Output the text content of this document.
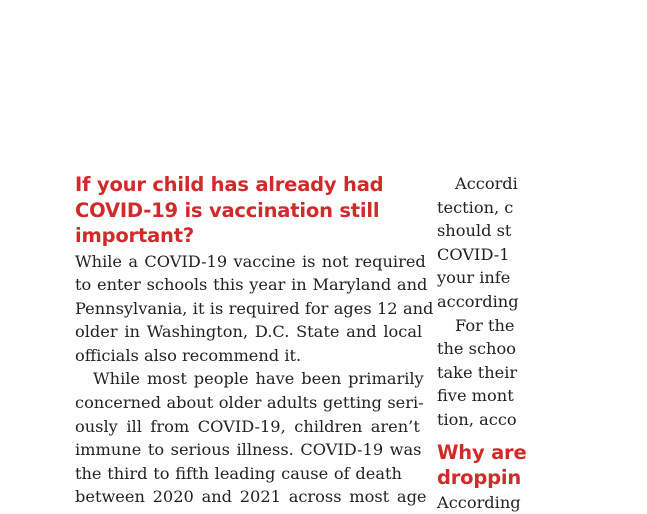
If your child has already had
COVID-19 is vaccination still
important?
While a COVID-19 vaccine is not required
to enter schools this year in Maryland and
Pennsylvania, it is required for ages 12 and
older in Washington, D.C. State and local
officials also recommend it.
While most people have been primarily
concerned about older adults getting seri-
ously ill from COVID-19, children aren’t
immune to serious illness. COVID-19 was
the third to fifth leading cause of death
between 2020 and 2021 across most age
Accordi
tection, c
should st
COVID-1
your infe
according
For the
the schoo
take their
five mont
tion, acco
Why are
droppin
According
